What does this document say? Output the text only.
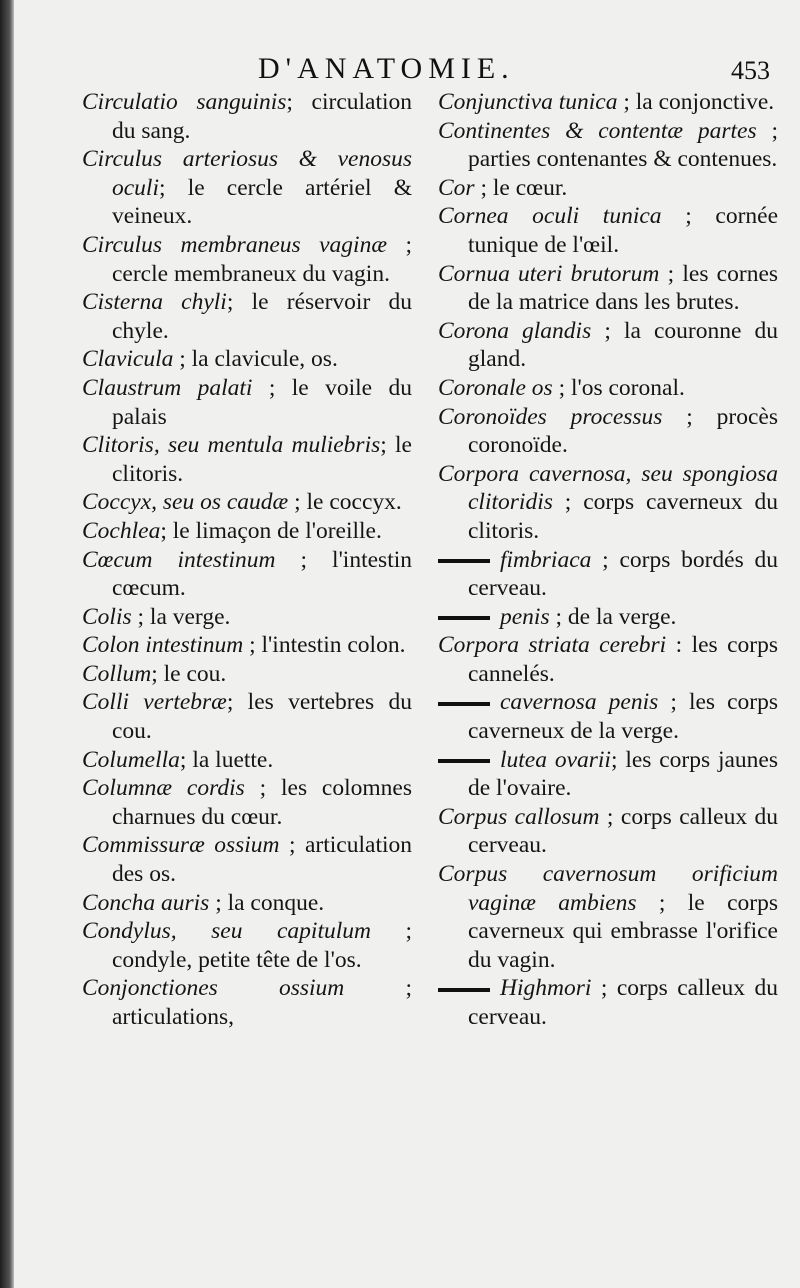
D'ANATOMIE.	453

Circulatio sanguinis; circulation du sang.

Circulus arteriosus & venosus oculi; le cercle artériel & veineux.

Circulus membraneus vaginæ ; cercle membraneux du vagin.

Cisterna chyli; le réservoir du chyle.

Clavicula ; la clavicule, os.

Claustrum palati ; le voile du palais

Clitoris, seu mentula muliebris; le clitoris.

Coccyx, seu os caudæ ; le coccyx.

Cochlea; le limaçon de l'oreille.

Cœcum intestinum ; l'intestin cœcum.

Colis ; la verge.

Colon intestinum ; l'intestin colon.

Collum; le cou.

Colli vertebræ; les vertebres du cou.

Columella; la luette.

Columnæ cordis ; les colomnes charnues du cœur.

Commissuræ ossium ; articulation des os.

Concha auris ; la conque.

Condylus, seu capitulum ; condyle, petite tête de l'os.

Conjonctiones ossium ; articulations,

Conjunctiva tunica ; la conjonctive.

Continentes & contentæ partes ; parties contenantes & contenues.

Cor ; le cœur.

Cornea oculi tunica ; cornée tunique de l'œil.

Cornua uteri brutorum ; les cornes de la matrice dans les brutes.

Corona glandis ; la couronne du gland.

Coronale os ; l'os coronal.

Coronoïdes processus ; procès coronoïde.

Corpora cavernosa, seu spongiosa clitoridis ; corps caverneux du clitoris.

fimbriaca ; corps bordés du cerveau.

penis ; de la verge.

Corpora striata cerebri : les corps cannelés.

cavernosa penis ; les corps caverneux de la verge.

lutea ovarii; les corps jaunes de l'ovaire.

Corpus callosum ; corps calleux du cerveau.

Corpus cavernosum orificium vaginæ ambiens ; le corps caverneux qui embrasse l'orifice du vagin.

Highmori ; corps calleux du cerveau.
